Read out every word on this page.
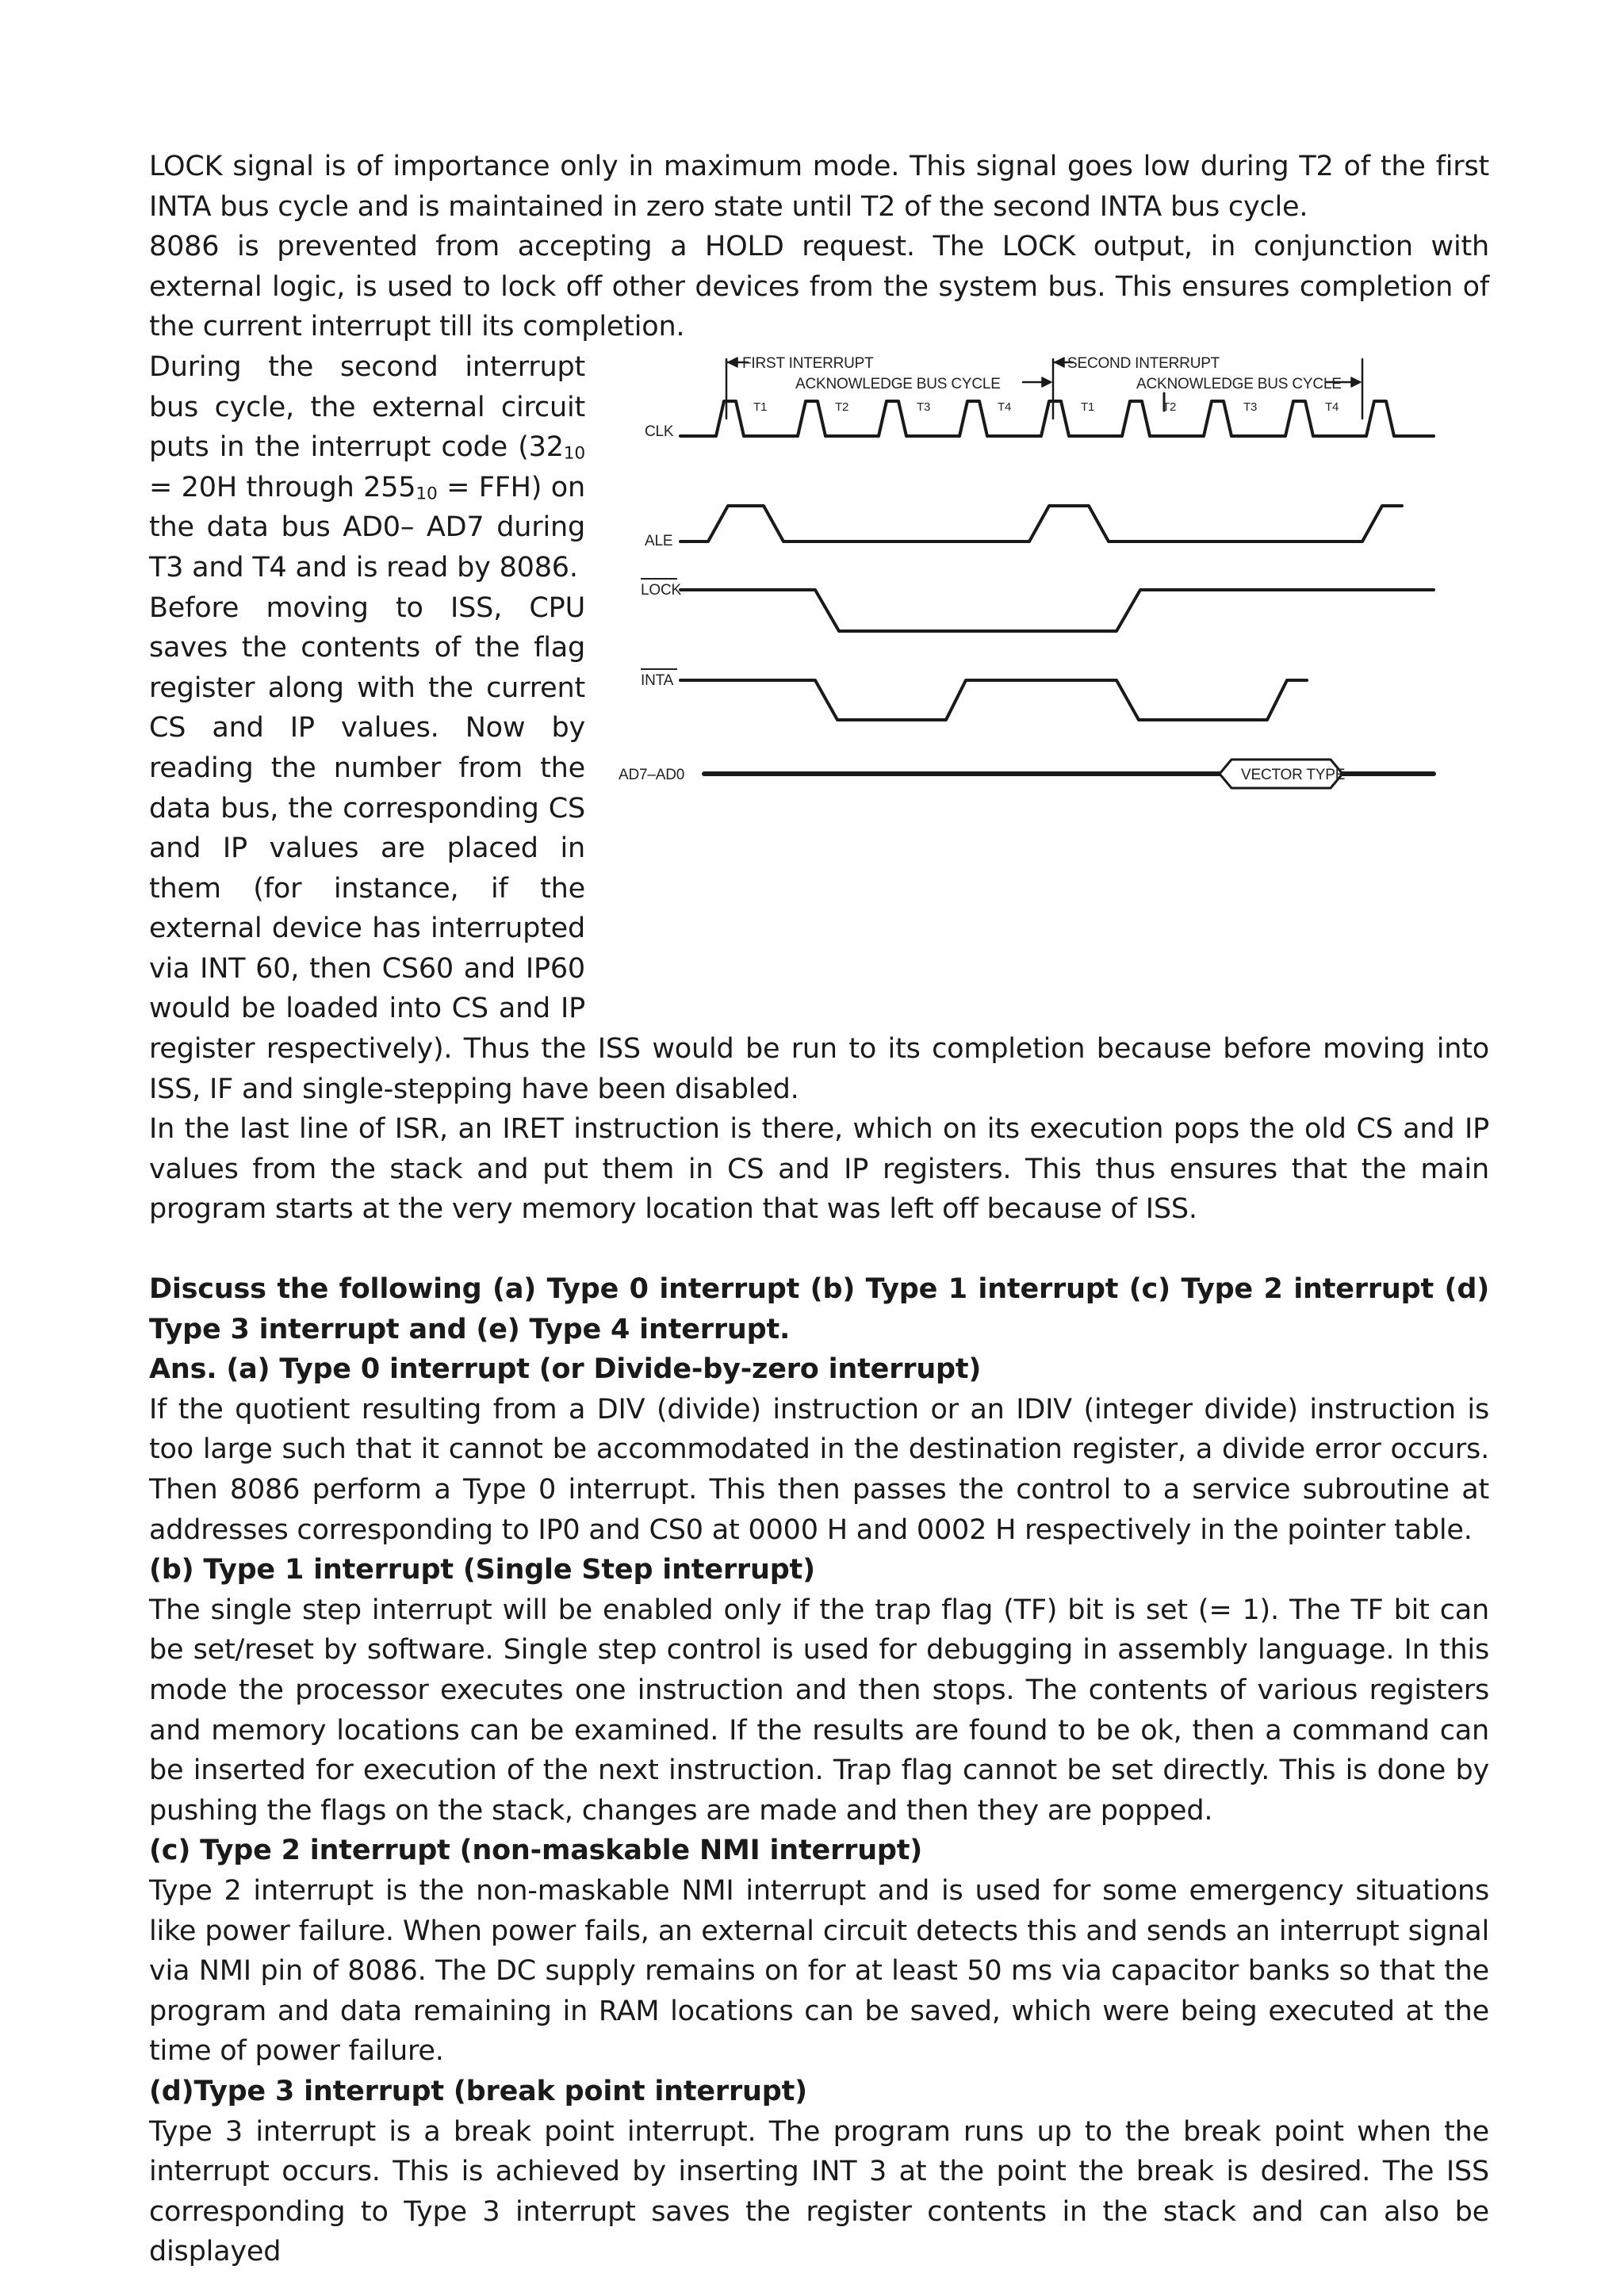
LOCK signal is of importance only in maximum mode. This signal goes low during T2 of the first INTA bus cycle and is maintained in zero state until T2 of the second INTA bus cycle.

8086 is prevented from accepting a HOLD request. The LOCK output, in conjunction with external logic, is used to lock off other devices from the system bus. This ensures completion of the current interrupt till its completion.

FIRST INTERRUPT
ACKNOWLEDGE BUS CYCLE
SECOND INTERRUPT
ACKNOWLEDGE BUS CYCLE
T1	T2	T3	T4	T1	T2	T3	T4
CLK
ALE
LOCK
INTA
AD7–AD0	VECTOR TYPE

During the second interrupt bus cycle, the external circuit puts in the interrupt code ($32_{10} = 20H$ through $255_{10} = FFH$) on the data bus AD0– AD7 during T3 and T4 and is read by 8086.

Before moving to ISS, CPU saves the contents of the flag register along with the current CS and IP values. Now by reading the number from the data bus, the corresponding CS and IP values are placed in them (for instance, if the external device has interrupted via INT 60, then CS60 and IP60 would be loaded into CS and IP register respectively). Thus the ISS would be run to its completion because before moving into ISS, IF and single-stepping have been disabled.

In the last line of ISR, an IRET instruction is there, which on its execution pops the old CS and IP values from the stack and put them in CS and IP registers. This thus ensures that the main program starts at the very memory location that was left off because of ISS.

Discuss the following (a) Type 0 interrupt (b) Type 1 interrupt (c) Type 2 interrupt (d) Type 3 interrupt and (e) Type 4 interrupt.

Ans. (a) Type 0 interrupt (or Divide-by-zero interrupt)

If the quotient resulting from a DIV (divide) instruction or an IDIV (integer divide) instruction is too large such that it cannot be accommodated in the destination register, a divide error occurs. Then 8086 perform a Type 0 interrupt. This then passes the control to a service subroutine at addresses corresponding to IP0 and CS0 at 0000 H and 0002 H respectively in the pointer table.

(b) Type 1 interrupt (Single Step interrupt)

The single step interrupt will be enabled only if the trap flag (TF) bit is set (= 1). The TF bit can be set/reset by software. Single step control is used for debugging in assembly language. In this mode the processor executes one instruction and then stops. The contents of various registers and memory locations can be examined. If the results are found to be ok, then a command can be inserted for execution of the next instruction. Trap flag cannot be set directly. This is done by pushing the flags on the stack, changes are made and then they are popped.

(c) Type 2 interrupt (non-maskable NMI interrupt)

Type 2 interrupt is the non-maskable NMI interrupt and is used for some emergency situations like power failure. When power fails, an external circuit detects this and sends an interrupt signal via NMI pin of 8086. The DC supply remains on for at least 50 ms via capacitor banks so that the program and data remaining in RAM locations can be saved, which were being executed at the time of power failure.

(d)Type 3 interrupt (break point interrupt)

Type 3 interrupt is a break point interrupt. The program runs up to the break point when the interrupt occurs. This is achieved by inserting INT 3 at the point the break is desired. The ISS corresponding to Type 3 interrupt saves the register contents in the stack and can also be displayed
